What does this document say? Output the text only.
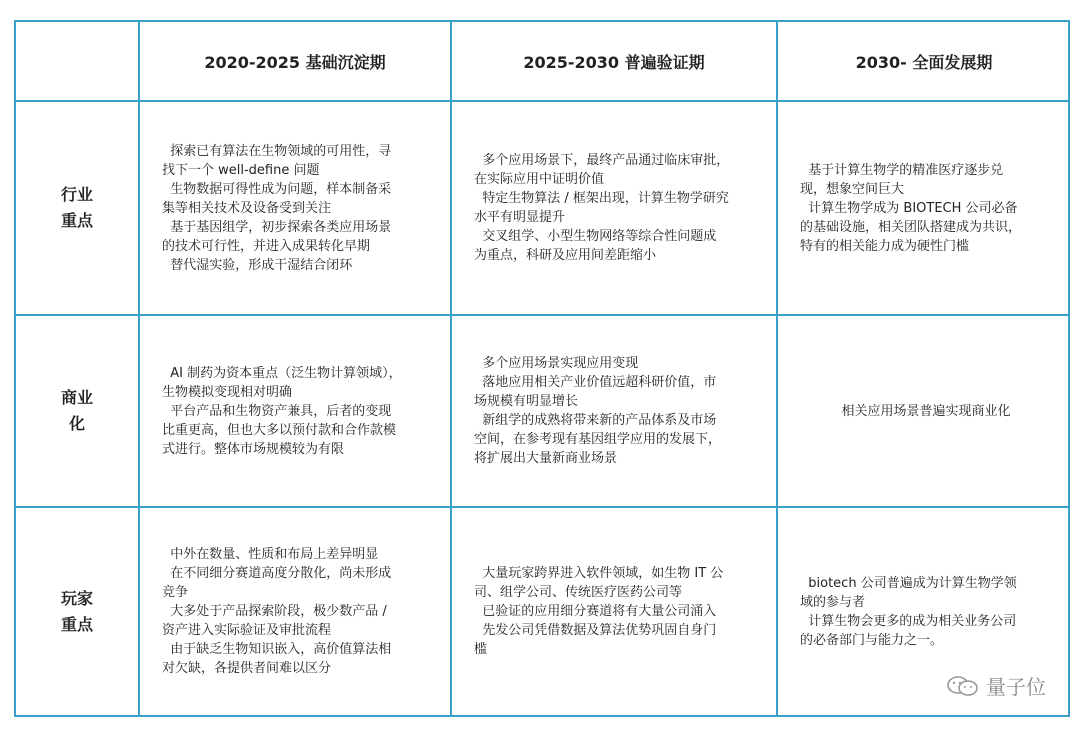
2020-2025 基础沉淀期	2025-2030 普遍验证期	2030- 全面发展期
行业
重点

探索已有算法在生物领域的可用性，寻

找下一个 well-define 问题

生物数据可得性成为问题，样本制备采

集等相关技术及设备受到关注

基于基因组学，初步探索各类应用场景

的技术可行性，并进入成果转化早期

替代湿实验，形成干湿结合闭环

多个应用场景下，最终产品通过临床审批，

在实际应用中证明价值

特定生物算法 / 框架出现，计算生物学研究

水平有明显提升

交叉组学、小型生物网络等综合性问题成

为重点，科研及应用间差距缩小

基于计算生物学的精准医疗逐步兑

现，想象空间巨大

计算生物学成为 BIOTECH 公司必备

的基础设施，相关团队搭建成为共识，

特有的相关能力成为硬性门槛

商业
化

AI 制药为资本重点（泛生物计算领域），

生物模拟变现相对明确

平台产品和生物资产兼具，后者的变现

比重更高，但也大多以预付款和合作款模

式进行。整体市场规模较为有限

多个应用场景实现应用变现

落地应用相关产业价值远超科研价值，市

场规模有明显增长

新组学的成熟将带来新的产品体系及市场

空间，在参考现有基因组学应用的发展下，

将扩展出大量新商业场景

相关应用场景普遍实现商业化

玩家
重点

中外在数量、性质和布局上差异明显

在不同细分赛道高度分散化，尚未形成

竞争

大多处于产品探索阶段，极少数产品 /

资产进入实际验证及审批流程

由于缺乏生物知识嵌入，高价值算法相

对欠缺，各提供者间难以区分

大量玩家跨界进入软件领域，如生物 IT 公

司、组学公司、传统医疗医药公司等

已验证的应用细分赛道将有大量公司涌入

先发公司凭借数据及算法优势巩固自身门

槛

biotech 公司普遍成为计算生物学领

域的参与者

计算生物会更多的成为相关业务公司

的必备部门与能力之一。

量子位
